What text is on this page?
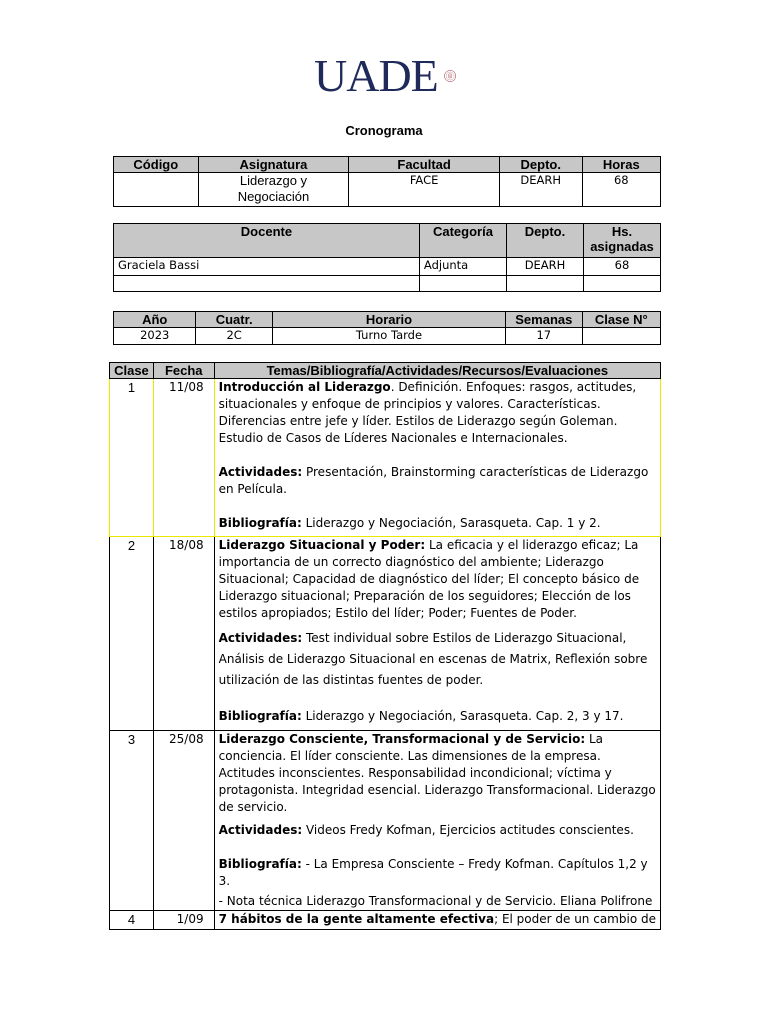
UADE
Cronograma
Código	Asignatura	Facultad	Depto.	Horas
	Liderazgo y Negociación	FACE	DEARH	68
Docente	Categoría	Depto.	Hs. asignadas
Graciela Bassi	Adjunta	DEARH	68

Año	Cuatr.	Horario	Semanas	Clase N°
2023	2C	Turno Tarde	17	
Clase	Fecha	Temas/Bibliografía/Actividades/Recursos/Evaluaciones
1	11/08	Introducción al Liderazgo. Definición. Enfoques: rasgos, actitudes, situacionales y enfoque de principios y valores. Características. Diferencias entre jefe y líder. Estilos de Liderazgo según Goleman. Estudio de Casos de Líderes Nacionales e Internacionales.

Actividades: Presentación, Brainstorming características de Liderazgo en Película.

Bibliografía: Liderazgo y Negociación, Sarasqueta. Cap. 1 y 2.

2	18/08	Liderazgo Situacional y Poder: La eficacia y el liderazgo eficaz; La importancia de un correcto diagnóstico del ambiente; Liderazgo Situacional; Capacidad de diagnóstico del líder; El concepto básico de Liderazgo situacional; Preparación de los seguidores; Elección de los estilos apropiados; Estilo del líder; Poder; Fuentes de Poder.

Actividades: Test individual sobre Estilos de Liderazgo Situacional, Análisis de Liderazgo Situacional en escenas de Matrix, Reflexión sobre utilización de las distintas fuentes de poder.

Bibliografía: Liderazgo y Negociación, Sarasqueta. Cap. 2, 3 y 17.

3	25/08	Liderazgo Consciente, Transformacional y de Servicio: La conciencia. El líder consciente. Las dimensiones de la empresa. Actitudes inconscientes. Responsabilidad incondicional; víctima y protagonista. Integridad esencial. Liderazgo Transformacional. Liderazgo de servicio.

Actividades: Videos Fredy Kofman, Ejercicios actitudes conscientes.

Bibliografía: - La Empresa Consciente – Fredy Kofman. Capítulos 1,2 y 3.

- Nota técnica Liderazgo Transformacional y de Servicio. Eliana Polifrone

4	1/09	7 hábitos de la gente altamente efectiva; El poder de un cambio de
